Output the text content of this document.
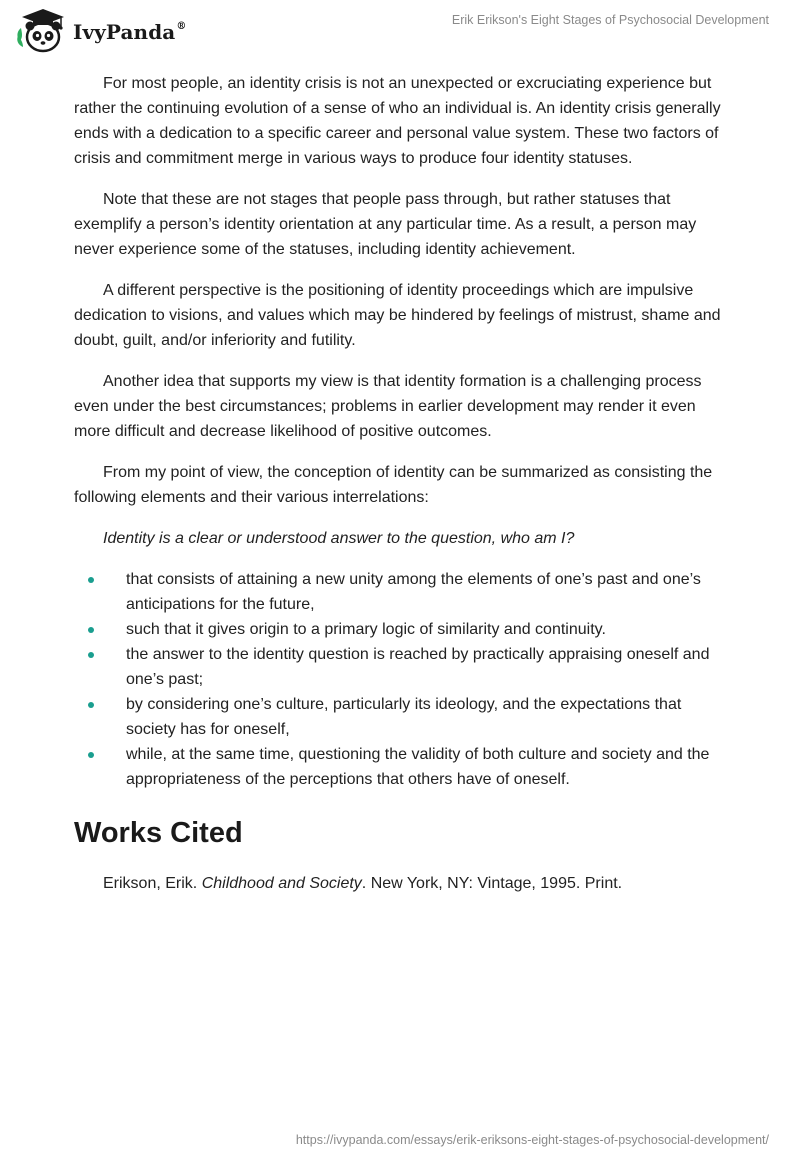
IvyPanda®	Erik Erikson's Eight Stages of Psychosocial Development

For most people, an identity crisis is not an unexpected or excruciating experience but rather the continuing evolution of a sense of who an individual is. An identity crisis generally ends with a dedication to a specific career and personal value system. These two factors of crisis and commitment merge in various ways to produce four identity statuses.

Note that these are not stages that people pass through, but rather statuses that exemplify a person’s identity orientation at any particular time. As a result, a person may never experience some of the statuses, including identity achievement.

A different perspective is the positioning of identity proceedings which are impulsive dedication to visions, and values which may be hindered by feelings of mistrust, shame and doubt, guilt, and/or inferiority and futility.

Another idea that supports my view is that identity formation is a challenging process even under the best circumstances; problems in earlier development may render it even more difficult and decrease likelihood of positive outcomes.

From my point of view, the conception of identity can be summarized as consisting the following elements and their various interrelations:

Identity is a clear or understood answer to the question, who am I?

that consists of attaining a new unity among the elements of one’s past and one’s anticipations for the future,
such that it gives origin to a primary logic of similarity and continuity.
the answer to the identity question is reached by practically appraising oneself and one’s past;
by considering one’s culture, particularly its ideology, and the expectations that society has for oneself,
while, at the same time, questioning the validity of both culture and society and the appropriateness of the perceptions that others have of oneself.
Works Cited

Erikson, Erik. Childhood and Society. New York, NY: Vintage, 1995. Print.

https://ivypanda.com/essays/erik-eriksons-eight-stages-of-psychosocial-development/
